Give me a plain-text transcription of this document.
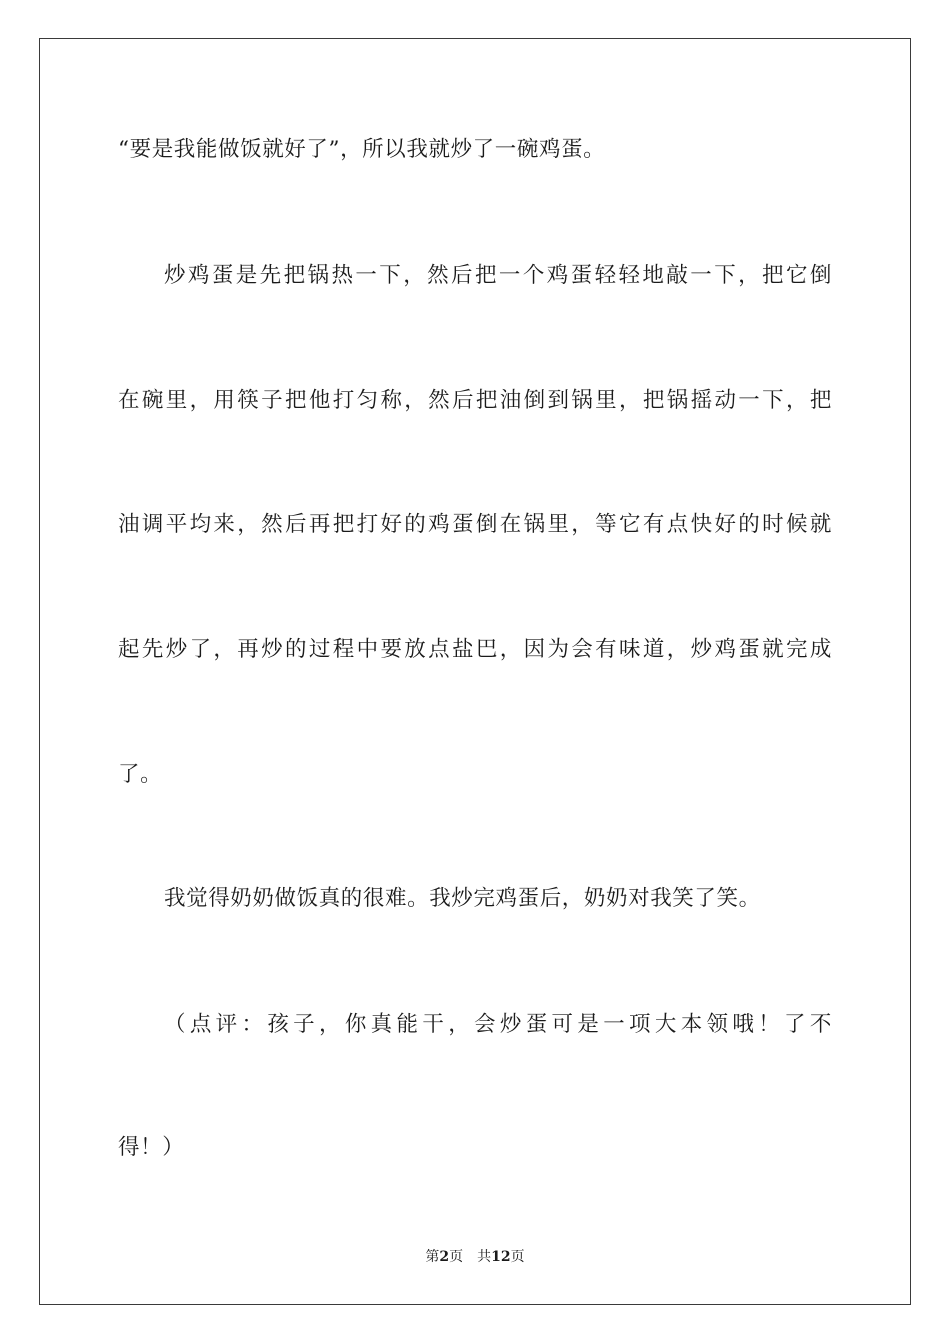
“要是我能做饭就好了”，所以我就炒了一碗鸡蛋。
炒鸡蛋是先把锅热一下，然后把一个鸡蛋轻轻地敲一下，把它倒
在碗里，用筷子把他打匀称，然后把油倒到锅里，把锅摇动一下，把
油调平均来，然后再把打好的鸡蛋倒在锅里，等它有点快好的时候就
起先炒了，再炒的过程中要放点盐巴，因为会有味道，炒鸡蛋就完成
了。
我觉得奶奶做饭真的很难。我炒完鸡蛋后，奶奶对我笑了笑。
（点评：孩子，你真能干，会炒蛋可是一项大本领哦！了不
得！）
第2页 共12页
